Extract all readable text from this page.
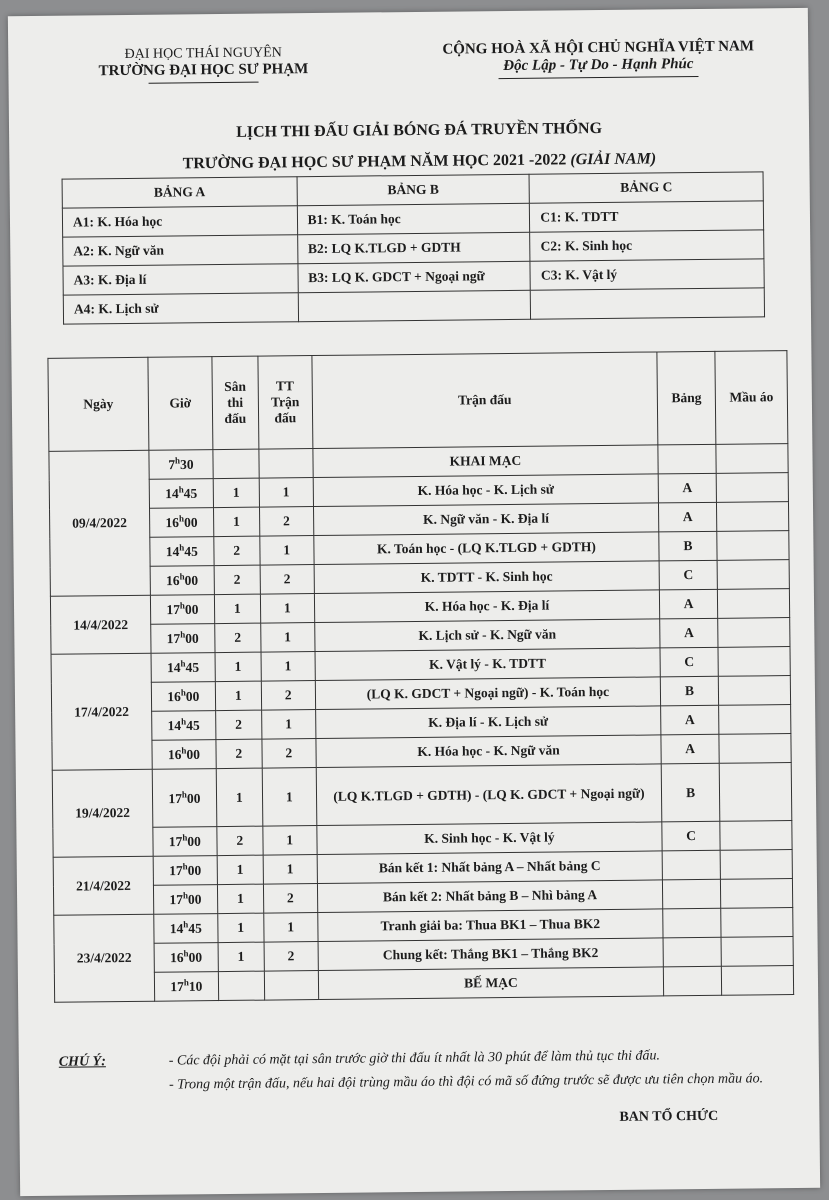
ĐẠI HỌC THÁI NGUYÊN
TRƯỜNG ĐẠI HỌC SƯ PHẠM
CỘNG HOÀ XÃ HỘI CHỦ NGHĨA VIỆT NAM
Độc Lập - Tự Do - Hạnh Phúc
LỊCH THI ĐẤU GIẢI BÓNG ĐÁ TRUYỀN THỐNG
TRƯỜNG ĐẠI HỌC SƯ PHẠM NĂM HỌC 2021 -2022 (GIẢI NAM)
BẢNG A	BẢNG B	BẢNG C
A1: K. Hóa học	B1: K. Toán học	C1: K. TDTT
A2: K. Ngữ văn	B2: LQ K.TLGD + GDTH	C2: K. Sinh học
A3: K. Địa lí	B3: LQ K. GDCT + Ngoại ngữ	C3: K. Vật lý
A4: K. Lịch sử		
Ngày	Giờ	Sân thi đấu	TT Trận đấu	Trận đấu	Bảng	Mầu áo
09/4/2022	7$^h$30			KHAI MẠC		
	14$^h$45	1	1	K. Hóa học - K. Lịch sử	A	
	16$^h$00	1	2	K. Ngữ văn - K. Địa lí	A	
	14$^h$45	2	1	K. Toán học - (LQ K.TLGD + GDTH)	B	
	16$^h$00	2	2	K. TDTT - K. Sinh học	C	
14/4/2022	17$^h$00	1	1	K. Hóa học - K. Địa lí	A	
	17$^h$00	2	1	K. Lịch sử - K. Ngữ văn	A	
17/4/2022	14$^h$45	1	1	K. Vật lý - K. TDTT	C	
	16$^h$00	1	2	(LQ K. GDCT + Ngoại ngữ) - K. Toán học	B	
	14$^h$45	2	1	K. Địa lí - K. Lịch sử	A	
	16$^h$00	2	2	K. Hóa học - K. Ngữ văn	A	
19/4/2022	17$^h$00	1	1	(LQ K.TLGD + GDTH) - (LQ K. GDCT + Ngoại ngữ)	B	
	17$^h$00	2	1	K. Sinh học - K. Vật lý	C	
21/4/2022	17$^h$00	1	1	Bán kết 1: Nhất bảng A – Nhất bảng C		
	17$^h$00	1	2	Bán kết 2: Nhất bảng B – Nhì bảng A		
23/4/2022	14$^h$45	1	1	Tranh giải ba: Thua BK1 – Thua BK2		
	16$^h$00	1	2	Chung kết: Thắng BK1 – Thắng BK2		
	17$^h$10			BẾ MẠC		
CHÚ Ý:	- Các đội phải có mặt tại sân trước giờ thi đấu ít nhất là 30 phút để làm thủ tục thi đấu.
- Trong một trận đấu, nếu hai đội trùng mầu áo thì đội có mã số đứng trước sẽ được ưu tiên chọn mầu áo.
BAN TỔ CHỨC
